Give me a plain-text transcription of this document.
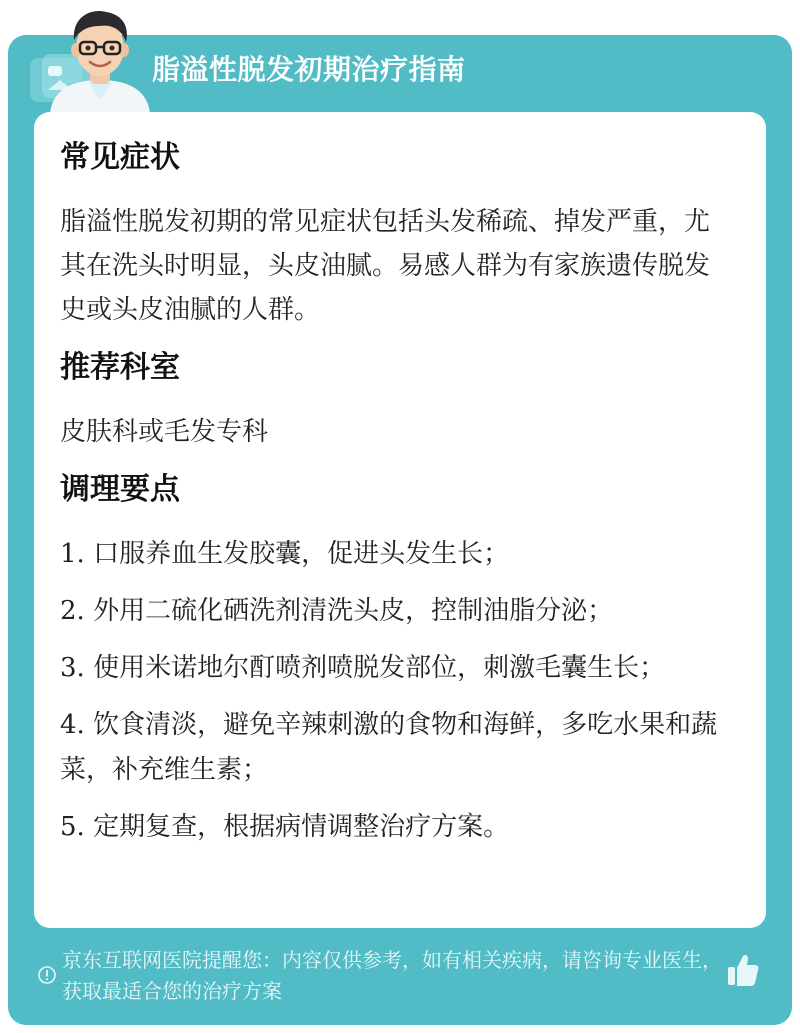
脂溢性脱发初期治疗指南
常见症状
脂溢性脱发初期的常见症状包括头发稀疏、掉发严重，尤其在洗头时明显，头皮油腻。易感人群为有家族遗传脱发史或头皮油腻的人群。
推荐科室
皮肤科或毛发专科
调理要点
1. 口服养血生发胶囊，促进头发生长；
2. 外用二硫化硒洗剂清洗头皮，控制油脂分泌；
3. 使用米诺地尔酊喷剂喷脱发部位，刺激毛囊生长；
4. 饮食清淡，避免辛辣刺激的食物和海鲜，多吃水果和蔬菜，补充维生素；
5. 定期复查，根据病情调整治疗方案。
京东互联网医院提醒您：内容仅供参考，如有相关疾病，请咨询专业医生，获取最适合您的治疗方案
